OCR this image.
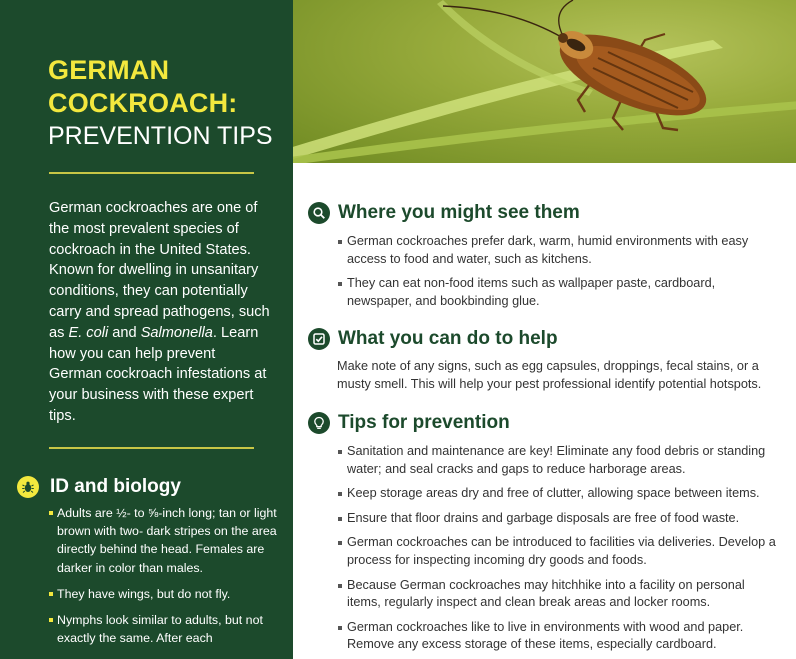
GERMAN
COCKROACH:
PREVENTION TIPS

German cockroaches are one of the most prevalent species of cockroach in the United States. Known for dwelling in unsanitary conditions, they can potentially carry and spread pathogens, such as E. coli and Salmonella. Learn how you can help prevent German cockroach infestations at your business with these expert tips.

ID and biology
Adults are ½- to ⅝-inch long; tan or light brown with two- dark stripes on the area directly behind the head. Females are darker in color than males.
They have wings, but do not fly.
Nymphs look similar to adults, but not exactly the same. After each
Where you might see them
German cockroaches prefer dark, warm, humid environments with easy access to food and water, such as kitchens.
They can eat non-food items such as wallpaper paste, cardboard, newspaper, and bookbinding glue.
What you can do to help

Make note of any signs, such as egg capsules, droppings, fecal stains, or a musty smell. This will help your pest professional identify potential hotspots.

Tips for prevention
Sanitation and maintenance are key! Eliminate any food debris or standing water; and seal cracks and gaps to reduce harborage areas.
Keep storage areas dry and free of clutter, allowing space between items.
Ensure that floor drains and garbage disposals are free of food waste.
German cockroaches can be introduced to facilities via deliveries. Develop a process for inspecting incoming dry goods and foods.
Because German cockroaches may hitchhike into a facility on personal items, regularly inspect and clean break areas and locker rooms.
German cockroaches like to live in environments with wood and paper. Remove any excess storage of these items, especially cardboard.
